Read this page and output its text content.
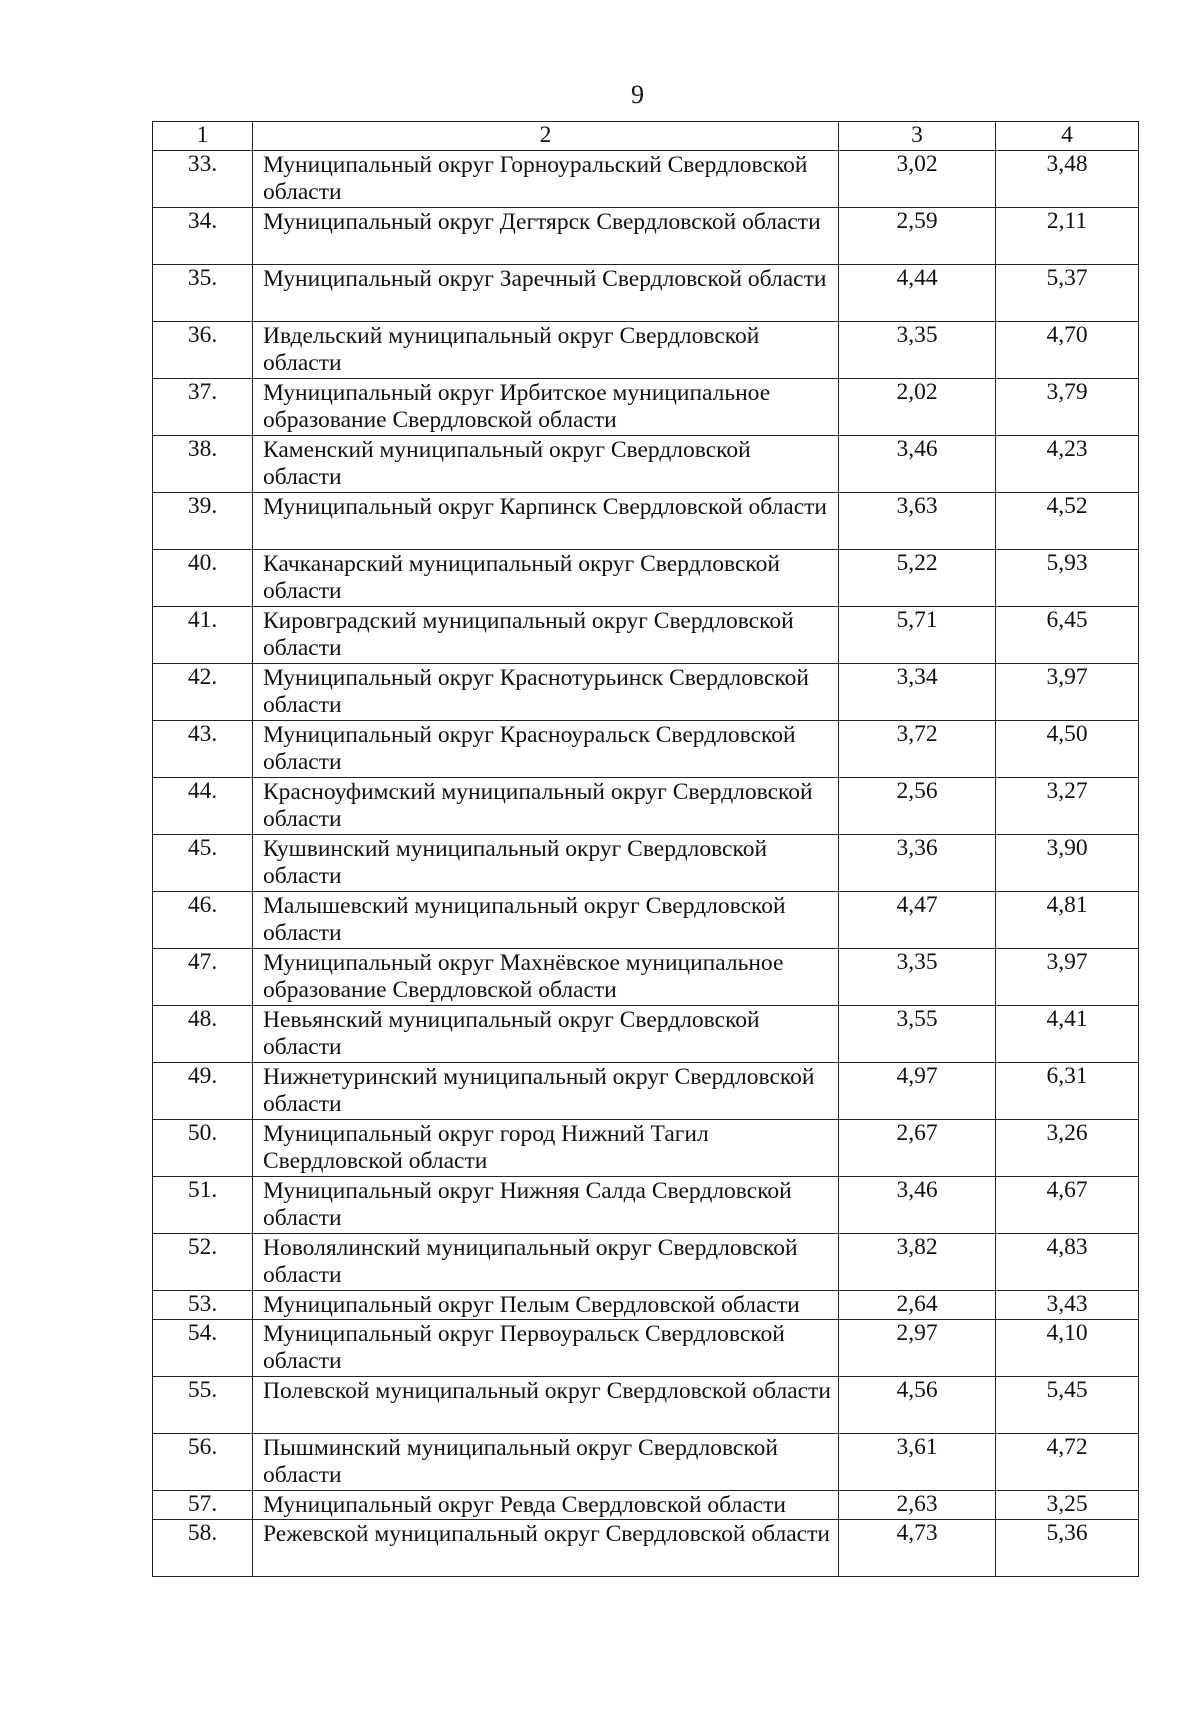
9
1	2	3	4
33.	Муниципальный округ Горноуральский Свердловской области	3,02	3,48
34.	Муниципальный округ Дегтярск Свердловской области	2,59	2,11
35.	Муниципальный округ Заречный Свердловской области	4,44	5,37
36.	Ивдельский муниципальный округ Свердловской области	3,35	4,70
37.	Муниципальный округ Ирбитское муниципальное образование Свердловской области	2,02	3,79
38.	Каменский муниципальный округ Свердловской области	3,46	4,23
39.	Муниципальный округ Карпинск Свердловской области	3,63	4,52
40.	Качканарский муниципальный округ Свердловской области	5,22	5,93
41.	Кировградский муниципальный округ Свердловской области	5,71	6,45
42.	Муниципальный округ Краснотурьинск Свердловской области	3,34	3,97
43.	Муниципальный округ Красноуральск Свердловской области	3,72	4,50
44.	Красноуфимский муниципальный округ Свердловской области	2,56	3,27
45.	Кушвинский муниципальный округ Свердловской области	3,36	3,90
46.	Малышевский муниципальный округ Свердловской области	4,47	4,81
47.	Муниципальный округ Махнёвское муниципальное образование Свердловской области	3,35	3,97
48.	Невьянский муниципальный округ Свердловской области	3,55	4,41
49.	Нижнетуринский муниципальный округ Свердловской области	4,97	6,31
50.	Муниципальный округ город Нижний Тагил Свердловской области	2,67	3,26
51.	Муниципальный округ Нижняя Салда Свердловской области	3,46	4,67
52.	Новолялинский муниципальный округ Свердловской области	3,82	4,83
53.	Муниципальный округ Пелым Свердловской области	2,64	3,43
54.	Муниципальный округ Первоуральск Свердловской области	2,97	4,10
55.	Полевской муниципальный округ Свердловской области	4,56	5,45
56.	Пышминский муниципальный округ Свердловской области	3,61	4,72
57.	Муниципальный округ Ревда Свердловской области	2,63	3,25
58.	Режевской муниципальный округ Свердловской области	4,73	5,36
